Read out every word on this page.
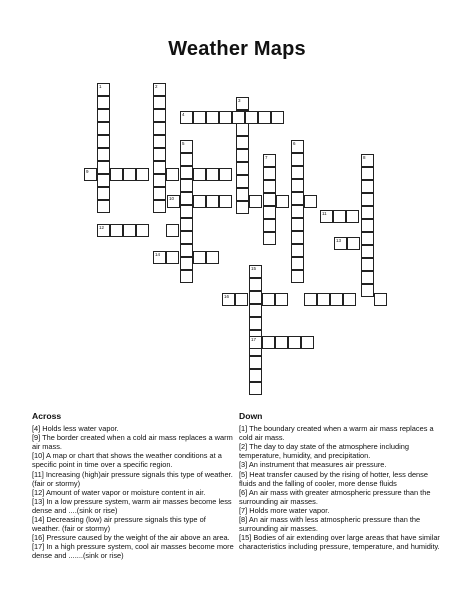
Weather Maps
1	2
3
4
5	6
7	8
9
10
11
12
13
14
15
16
17
Across

[4] Holds less water vapor.

[9] The border created when a cold air mass replaces a warm air mass.

[10] A map or chart that shows the weather conditions at a specific point in time over a specific region.

[11] Increasing (high)air pressure signals this type of weather. (fair or stormy)

[12] Amount of water vapor or moisture content in air.

[13] In a low pressure system, warm air masses become less dense and ....(sink or rise)

[14] Decreasing (low) air pressure signals this type of weather. (fair or stormy)

[16] Pressure caused by the weight of the air above an area.

[17] In a high pressure system, cool air masses become more dense and .......(sink or rise)

Down

[1] The boundary created when a warm air mass replaces a cold air mass.

[2] The day to day state of the atmosphere including temperature, humidity, and precipitation.

[3] An instrument that measures air pressure.

[5] Heat transfer caused by the rising of hotter, less dense fluids and the falling of cooler, more dense fluids

[6] An air mass with greater atmospheric pressure than the surrounding air masses.

[7] Holds more water vapor.

[8] An air mass with less atmospheric pressure than the surrounding air masses.

[15] Bodies of air extending over large areas that have similar characteristics including pressure, temperature, and humidity.
